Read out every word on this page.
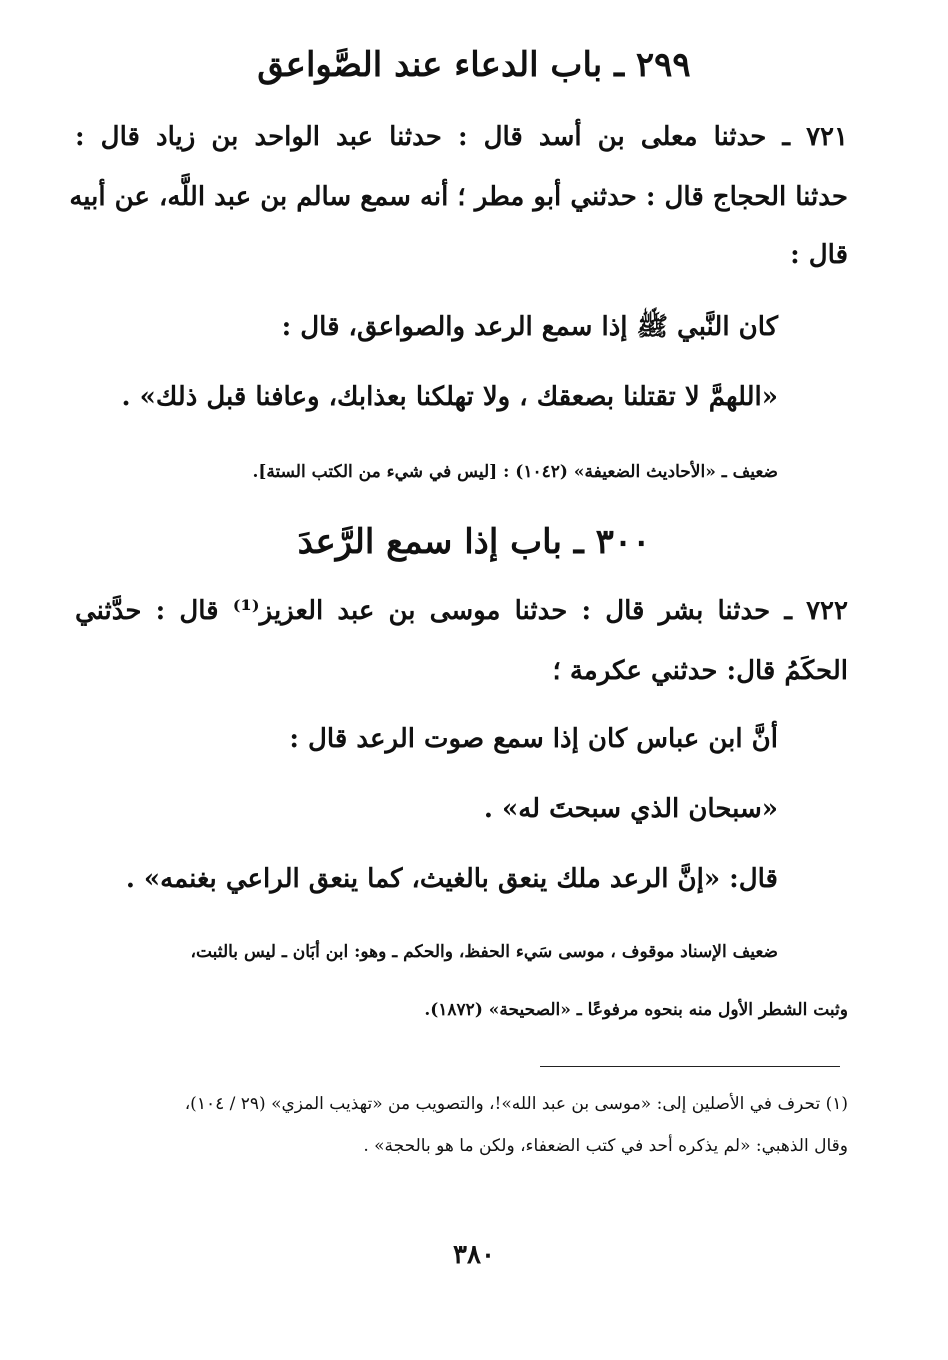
٢٩٩ ـ باب الدعاء عند الصَّواعق
٧٢١ ـ حدثنا معلى بن أسد قال : حدثنا عبد الواحد بن زياد قال :
حدثنا الحجاج قال : حدثني أبو مطر ؛ أنه سمع سالم بن عبد اللَّه، عن أبيه
قال :
كان النَّبي ﷺ إذا سمع الرعد والصواعق، قال :
«اللهمَّ لا تقتلنا بصعقك ، ولا تهلكنا بعذابك، وعافنا قبل ذلك» .
ضعيف ـ «الأحاديث الضعيفة» (١٠٤٢) : [ليس في شيء من الكتب الستة].
٣٠٠ ـ باب إذا سمع الرَّعدَ
٧٢٢ ـ حدثنا بشر قال : حدثنا موسى بن عبد العزيز⁽¹⁾ قال : حدَّثني
الحكَمُ قال: حدثني عكرمة ؛
أنَّ ابن عباس كان إذا سمع صوت الرعد قال :
«سبحان الذي سبحتَ له» .
قال: «إنَّ الرعد ملك ينعق بالغيث، كما ينعق الراعي بغنمه» .
ضعيف الإسناد موقوف ، موسى سَيء الحفظ، والحكم ـ وهو: ابن أبَان ـ ليس بالثبت،
وثبت الشطر الأول منه بنحوه مرفوعًا ـ «الصحيحة» (١٨٧٢).
(١) تحرف في الأصلين إلى: «موسى بن عبد الله»!، والتصويب من «تهذيب المزي» (٢٩ / ١٠٤)،
وقال الذهبي: «لم يذكره أحد في كتب الضعفاء، ولكن ما هو بالحجة» .
٣٨٠
